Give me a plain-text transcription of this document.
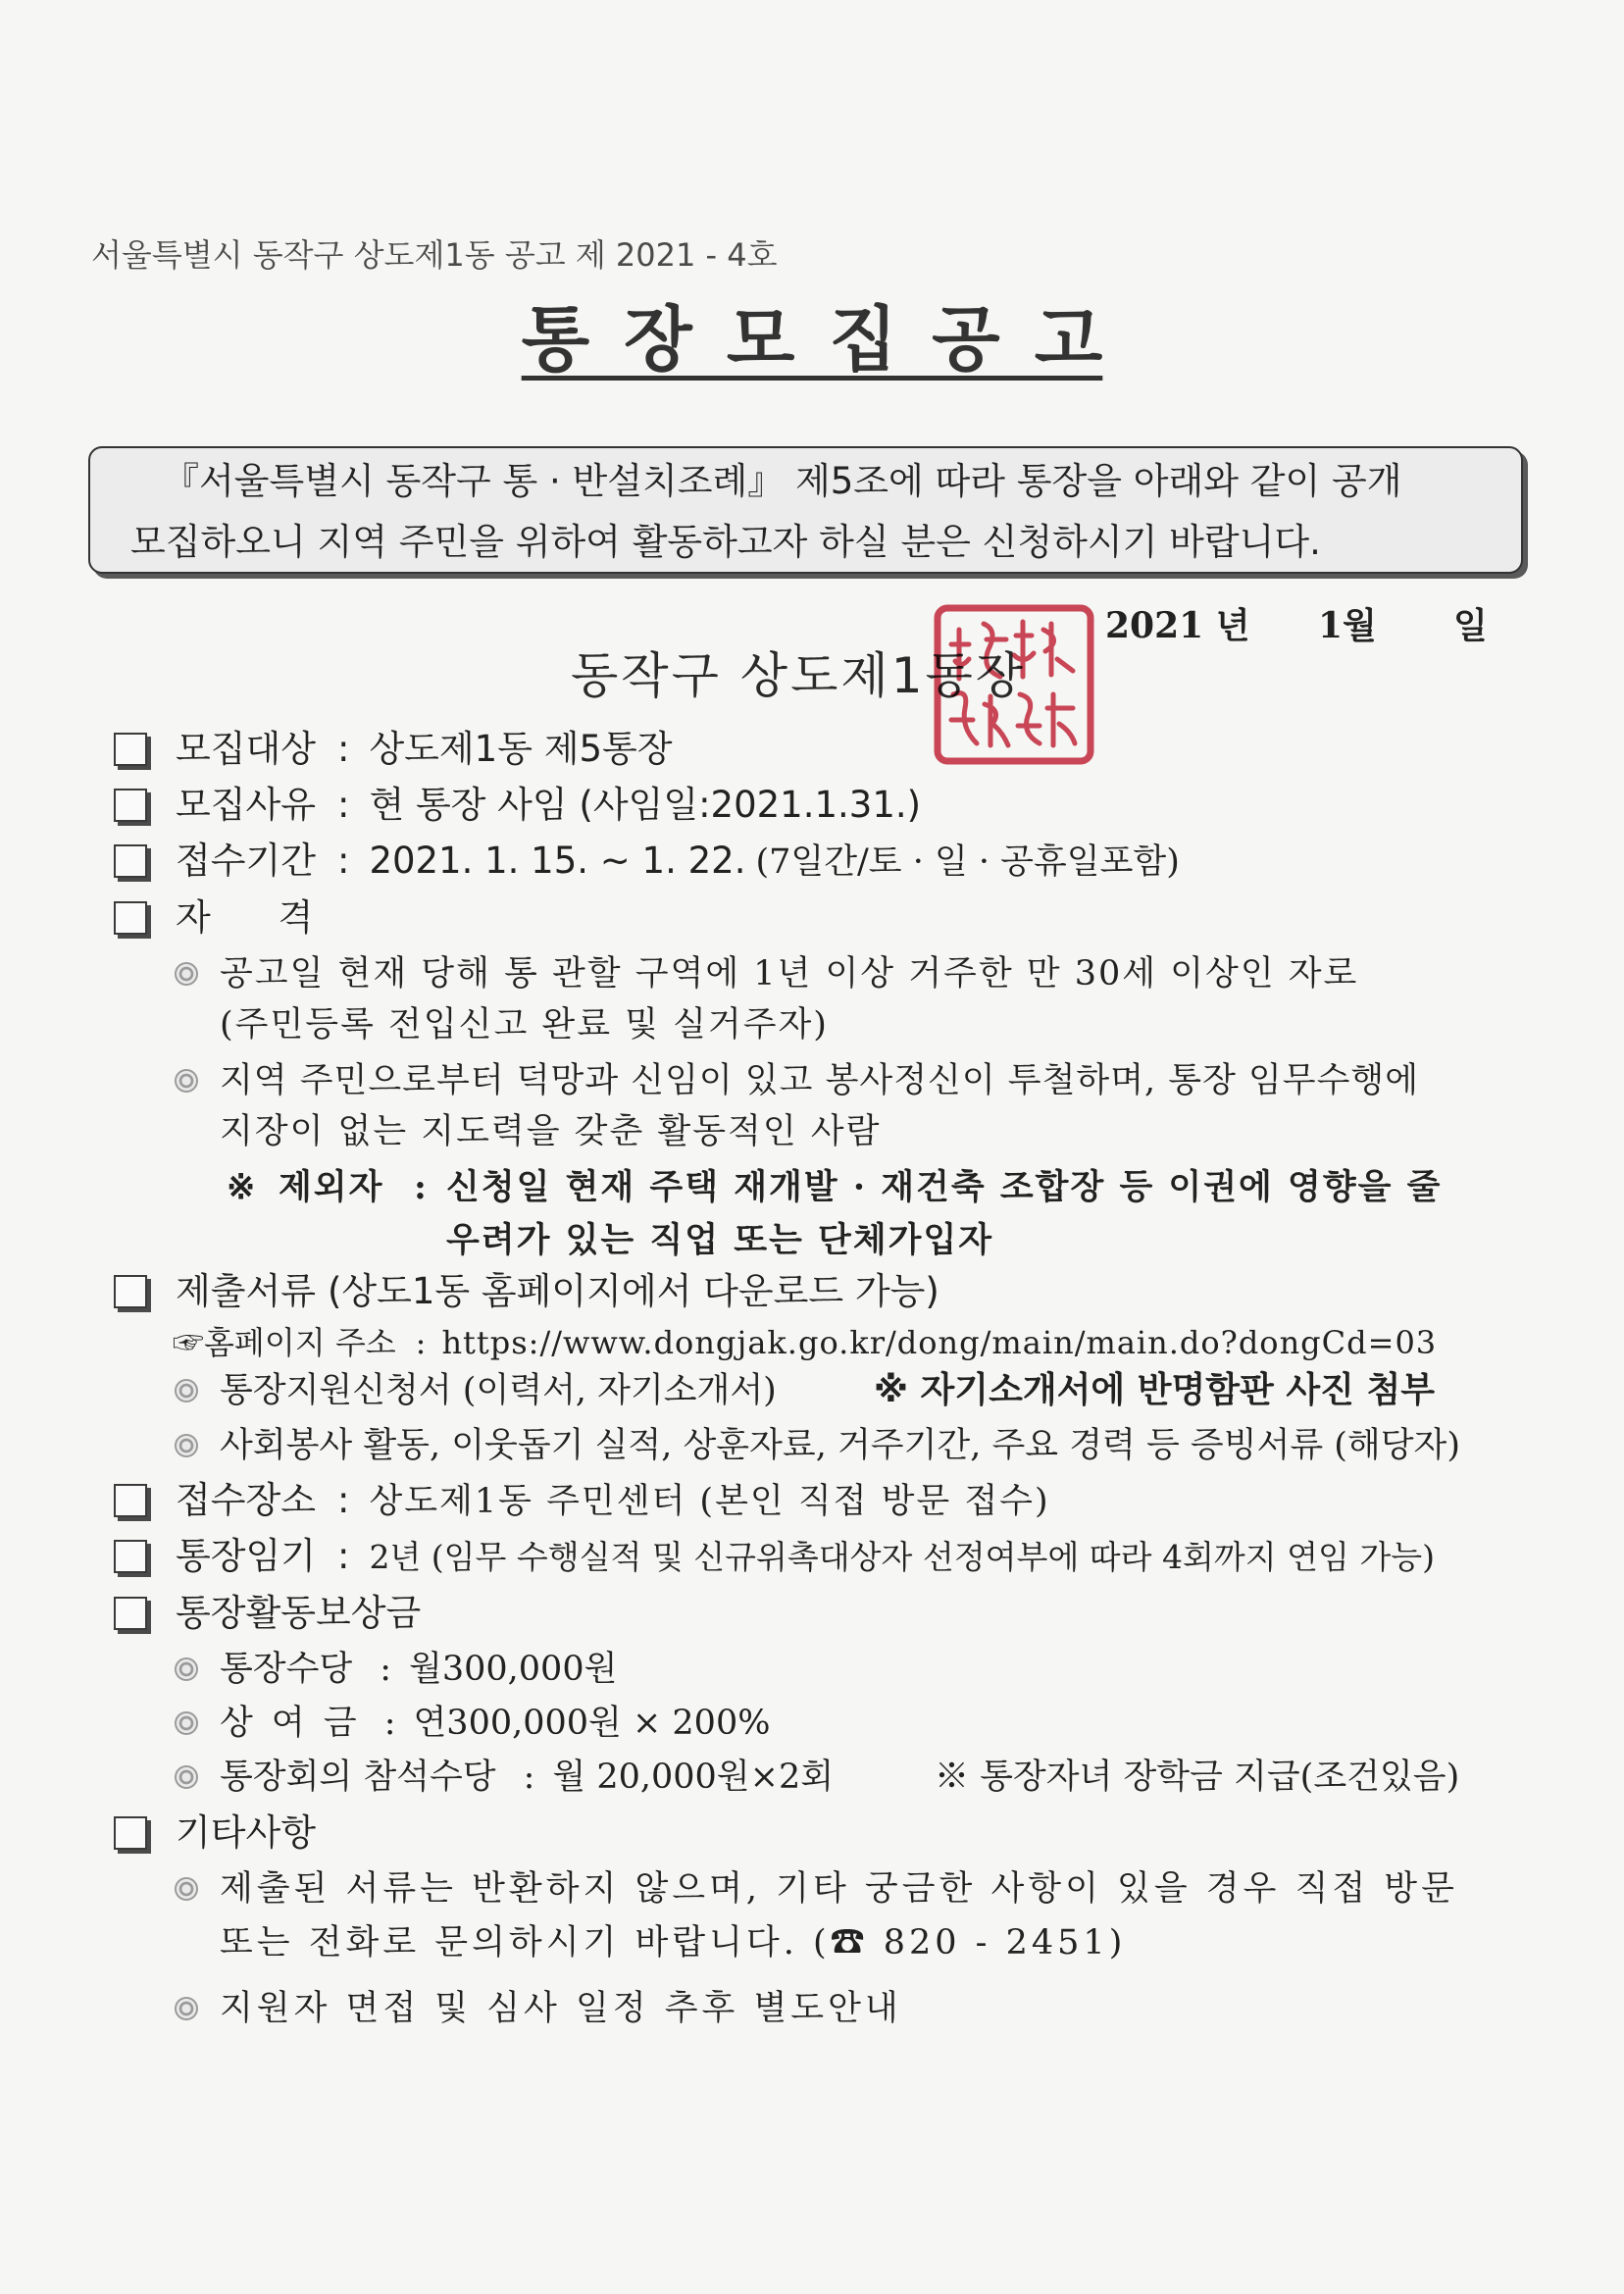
서울특별시 동작구 상도제1동 공고 제 2021 - 4호
통 장 모 집 공 고
『서울특별시 동작구 통 · 반설치조례』 제5조에 따라 통장을 아래와 같이 공개
모집하오니 지역 주민을 위하여 활동하고자 하실 분은 신청하시기 바랍니다.
2021 년 1월 일
동작구 상도제1동장
모집대상 : 상도제1동 제5통장
모집사유 : 현 통장 사임 (사임일:2021.1.31.)
접수기간 : 2021. 1. 15. ~ 1. 22. (7일간/토 · 일 · 공휴일포함)
자 격
공고일 현재 당해 통 관할 구역에 1년 이상 거주한 만 30세 이상인 자로
(주민등록 전입신고 완료 및 실거주자)
지역 주민으로부터 덕망과 신임이 있고 봉사정신이 투철하며, 통장 임무수행에
지장이 없는 지도력을 갖춘 활동적인 사람
※ 제외자 : 신청일 현재 주택 재개발 · 재건축 조합장 등 이권에 영향을 줄
우려가 있는 직업 또는 단체가입자
제출서류 (상도1동 홈페이지에서 다운로드 가능)
☞홈페이지 주소 : https://www.dongjak.go.kr/dong/main/main.do?dongCd=03
통장지원신청서 (이력서, 자기소개서)	※ 자기소개서에 반명함판 사진 첨부
사회봉사 활동, 이웃돕기 실적, 상훈자료, 거주기간, 주요 경력 등 증빙서류 (해당자)
접수장소 : 상도제1동 주민센터 (본인 직접 방문 접수)
통장임기 : 2년 (임무 수행실적 및 신규위촉대상자 선정여부에 따라 4회까지 연임 가능)
통장활동보상금
통장수당 : 월300,000원
상 여 금 : 연300,000원 × 200%
통장회의 참석수당 : 월 20,000원×2회	※ 통장자녀 장학금 지급(조건있음)
기타사항
제출된 서류는 반환하지 않으며, 기타 궁금한 사항이 있을 경우 직접 방문
또는 전화로 문의하시기 바랍니다. (☎ 820 - 2451)
지원자 면접 및 심사 일정 추후 별도안내
